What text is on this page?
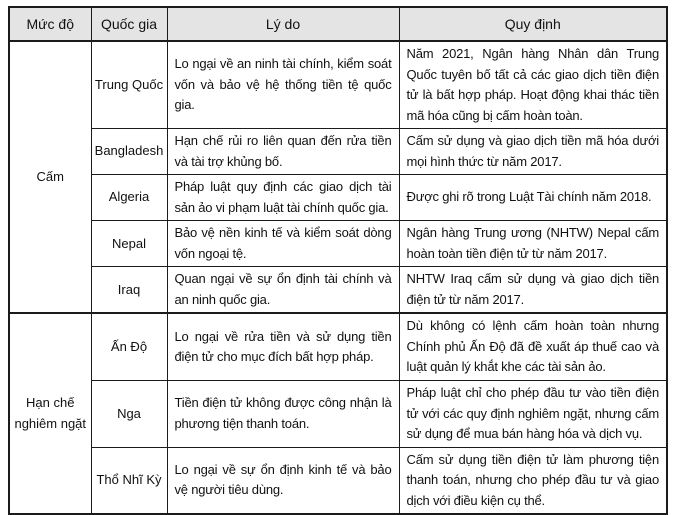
Mức độ	Quốc gia	Lý do	Quy định
Cấm	Trung Quốc	Lo ngại về an ninh tài chính, kiểm soát vốn và bảo vệ hệ thống tiền tệ quốc gia.	Năm 2021, Ngân hàng Nhân dân Trung Quốc tuyên bố tất cả các giao dịch tiền điện tử là bất hợp pháp. Hoạt động khai thác tiền mã hóa cũng bị cấm hoàn toàn.
	Bangladesh	Hạn chế rủi ro liên quan đến rửa tiền và tài trợ khủng bố.	Cấm sử dụng và giao dịch tiền mã hóa dưới mọi hình thức từ năm 2017.
	Algeria	Pháp luật quy định các giao dịch tài sản ảo vi phạm luật tài chính quốc gia.	Được ghi rõ trong Luật Tài chính năm 2018.
	Nepal	Bảo vệ nền kinh tế và kiểm soát dòng vốn ngoại tệ.	Ngân hàng Trung ương (NHTW) Nepal cấm hoàn toàn tiền điện tử từ năm 2017.
	Iraq	Quan ngại về sự ổn định tài chính và an ninh quốc gia.	NHTW Iraq cấm sử dụng và giao dịch tiền điện tử từ năm 2017.
Hạn chế nghiêm ngặt	Ấn Độ	Lo ngại về rửa tiền và sử dụng tiền điện tử cho mục đích bất hợp pháp.	Dù không có lệnh cấm hoàn toàn nhưng Chính phủ Ấn Độ đã đề xuất áp thuế cao và luật quản lý khắt khe các tài sản ảo.
	Nga	Tiền điện tử không được công nhận là phương tiện thanh toán.	Pháp luật chỉ cho phép đầu tư vào tiền điện tử với các quy định nghiêm ngặt, nhưng cấm sử dụng để mua bán hàng hóa và dịch vụ.
	Thổ Nhĩ Kỳ	Lo ngại về sự ổn định kinh tế và bảo vệ người tiêu dùng.	Cấm sử dụng tiền điện tử làm phương tiện thanh toán, nhưng cho phép đầu tư và giao dịch với điều kiện cụ thể.
